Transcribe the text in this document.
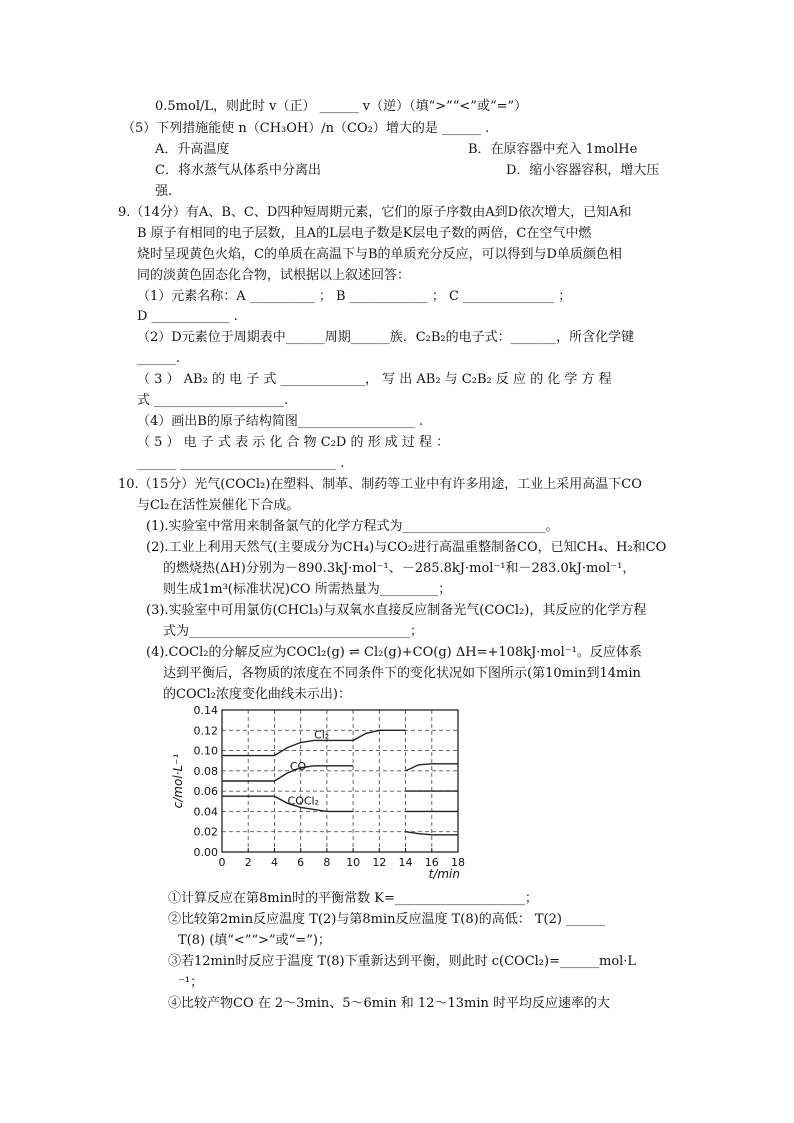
0.5mol/L，则此时 v（正） ______ v（逆）（填“>”“<”或“=”）
（5）下列措施能使 n（CH₃OH）/n（CO₂）增大的是 ______ .
A．升高温度	B．在原容器中充入 1molHe
C．将水蒸气从体系中分离出	D．缩小容器容积，增大压
强.
9.（14分）有A、B、C、D四种短周期元素，它们的原子序数由A到D依次增大，已知A和
B 原子有相同的电子层数，且A的L层电子数是K层电子数的两倍，C在空气中燃
烧时呈现黄色火焰，C的单质在高温下与B的单质充分反应，可以得到与D单质颜色相
同的淡黄色固态化合物，试根据以上叙述回答：
（1）元素名称：A __________ ； B ____________ ； C ______________ ；
D ____________ .
（2）D元素位于周期表中______周期______族．C₂B₂的电子式：_______，所含化学键
______.
（ 3 ） AB₂ 的 电 子 式 _____________， 写 出 AB₂ 与 C₂B₂ 反 应 的 化 学 方 程
式 ____________________.
（4）画出B的原子结构简图__________________ .
（ 5 ） 电 子 式 表 示 化 合 物 C₂D 的 形 成 过 程 ：
______ ________________________ .
10.（15分）光气(COCl₂)在塑料、制革、制药等工业中有许多用途，工业上采用高温下CO
与Cl₂在活性炭催化下合成。
(1).实验室中常用来制备氯气的化学方程式为______________________。
(2).工业上利用天然气(主要成分为CH₄)与CO₂进行高温重整制备CO，已知CH₄、H₂和CO
的燃烧热(ΔH)分别为－890.3kJ·mol⁻¹、－285.8kJ·mol⁻¹和－283.0kJ·mol⁻¹，
则生成1m³(标准状况)CO 所需热量为_________；
(3).实验室中可用氯仿(CHCl₃)与双氧水直接反应制备光气(COCl₂)，其反应的化学方程
式为__________________________________；
(4).COCl₂的分解反应为COCl₂(g) ⇌ Cl₂(g)+CO(g) ΔH=+108kJ·mol⁻¹。反应体系
达到平衡后，各物质的浓度在不同条件下的变化状况如下图所示(第10min到14min
的COCl₂浓度变化曲线未示出)：
①计算反应在第8min时的平衡常数 K=____________________；
②比较第2min反应温度 T(2)与第8min反应温度 T(8)的高低： T(2) ______
T(8) (填“<”“>”或“=”)；
③若12min时反应于温度 T(8)下重新达到平衡，则此时 c(COCl₂)=______mol·L
⁻¹；
④比较产物CO 在 2～3min、5～6min 和 12～13min 时平均反应速率的大
0.00
0.02
0.04
0.06
0.08
0.10
0.12
0.14
0 2 4 6 8 10 12 14 16 18
t/min
c/mol·L⁻¹
Cl₂
CO
COCl₂
